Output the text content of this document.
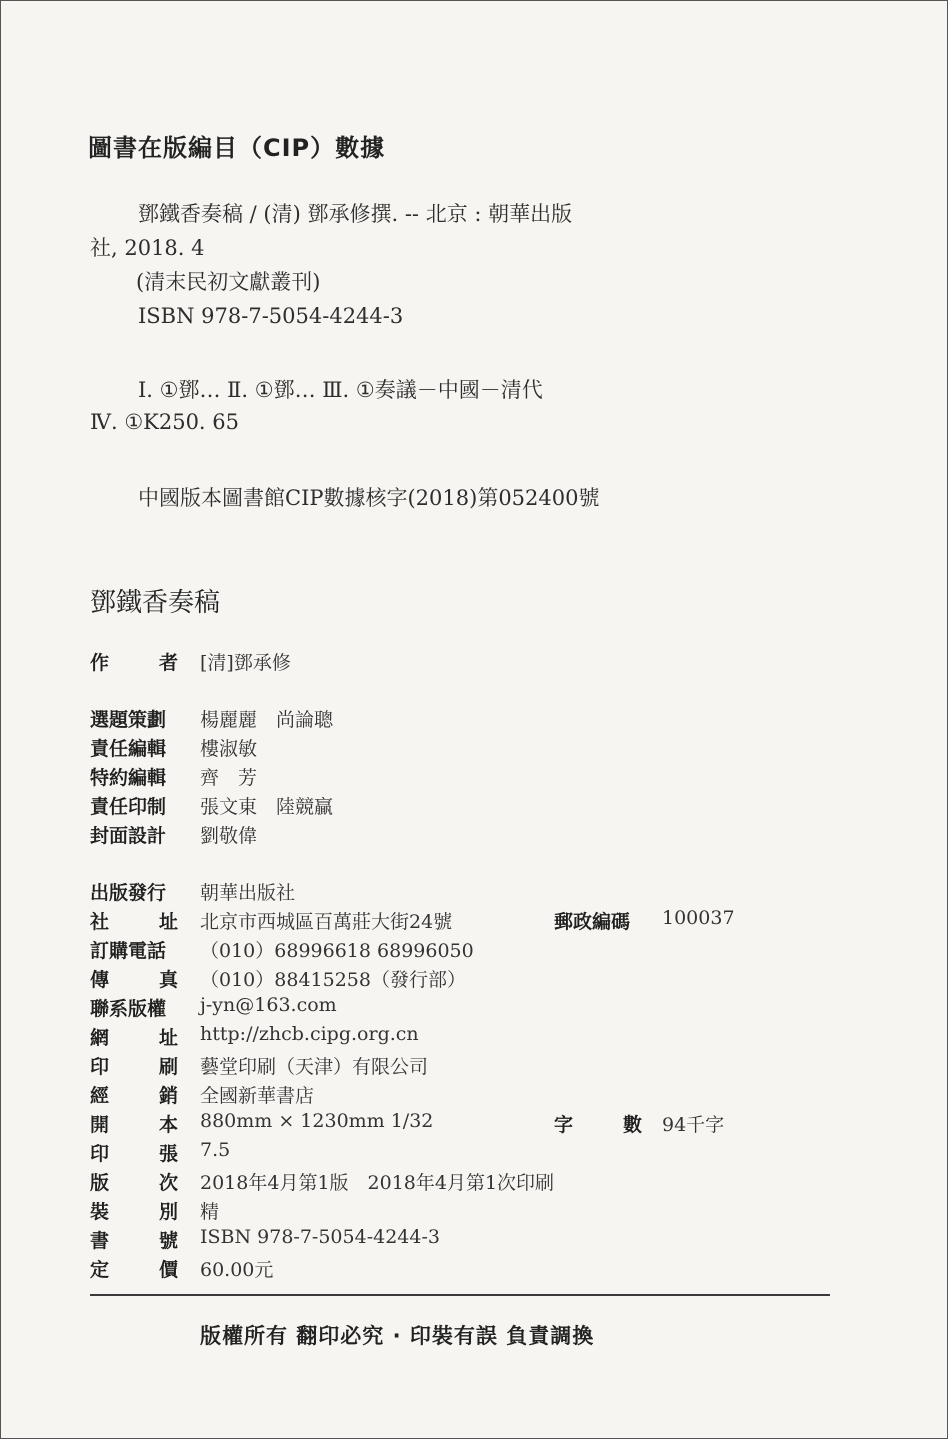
圖書在版編目（CIP）數據
鄧鐵香奏稿 / (清) 鄧承修撰. -- 北京 : 朝華出版
社, 2018. 4
(清末民初文獻叢刊)
ISBN 978-7-5054-4244-3
Ⅰ. ①鄧… Ⅱ. ①鄧… Ⅲ. ①奏議－中國－清代
Ⅳ. ①K250. 65
中國版本圖書館CIP數據核字(2018)第052400號
鄧鐵香奏稿
作	者 [清]鄧承修
選題策劃	楊麗麗　尚論聰
責任編輯	樓淑敏
特約編輯	齊　芳
責任印制	張文東　陸競贏
封面設計	劉敬偉
出版發行	朝華出版社
社	址 北京市西城區百萬莊大街24號	郵政編碼 100037
訂購電話	（010）68996618 68996050
傳	真 （010）88415258（發行部）
聯系版權	j-yn@163.com
網	址 http://zhcb.cipg.org.cn
印	刷 藝堂印刷（天津）有限公司
經	銷 全國新華書店
開	本 880mm × 1230mm 1/32	字	數 94千字
印	張 7.5
版	次 2018年4月第1版　2018年4月第1次印刷
裝	別 精
書	號 ISBN 978-7-5054-4244-3
定	價 60.00元
版權所有 翻印必究 · 印裝有誤 負責調換
